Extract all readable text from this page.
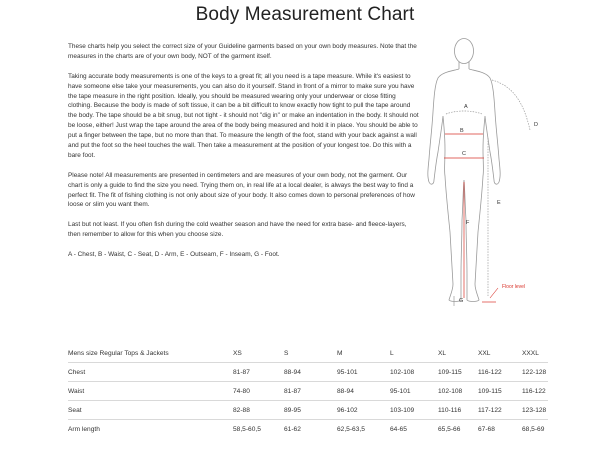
Body Measurement Chart

These charts help you select the correct size of your Guideline garments based on your own body measures. Note that the measures in the charts are of your own body, NOT of the garment itself.

Taking accurate body measurements is one of the keys to a great fit; all you need is a tape measure. While it's easiest to have someone else take your measurements, you can also do it yourself. Stand in front of a mirror to make sure you have the tape measure in the right position. Ideally, you should be measured wearing only your underwear or close fitting clothing. Because the body is made of soft tissue, it can be a bit difficult to know exactly how tight to pull the tape around the body. The tape should be a bit snug, but not tight - it should not "dig in" or make an indentation in the body. It should not be loose, either! Just wrap the tape around the area of the body being measured and hold it in place. You should be able to put a finger between the tape, but no more than that. To measure the length of the foot, stand with your back against a wall and put the foot so the heel touches the wall. Then take a measurement at the position of your longest toe. Do this with a bare foot.

Please note! All measurements are presented in centimeters and are measures of your own body, not the garment. Our chart is only a guide to find the size you need. Trying them on, in real life at a local dealer, is always the best way to find a perfect fit. The fit of fishing clothing is not only about size of your body. It also comes down to personal preferences of how loose or slim you want them.

Last but not least. If you often fish during the cold weather season and have the need for extra base- and fleece-layers, then remember to allow for this when you choose size.

A - Chest, B - Waist, C - Seat, D - Arm, E - Outseam, F - Inseam, G - Foot.

A
B
C
D
E
F
G
Floor level
Mens size Regular Tops & Jackets	XS	S	M	L	XL	XXL	XXXL
Chest	81-87	88-94	95-101	102-108	109-115	116-122	122-128
Waist	74-80	81-87	88-94	95-101	102-108	109-115	116-122
Seat	82-88	89-95	96-102	103-109	110-116	117-122	123-128
Arm length	58,5-60,5	61-62	62,5-63,5	64-65	65,5-66	67-68	68,5-69
